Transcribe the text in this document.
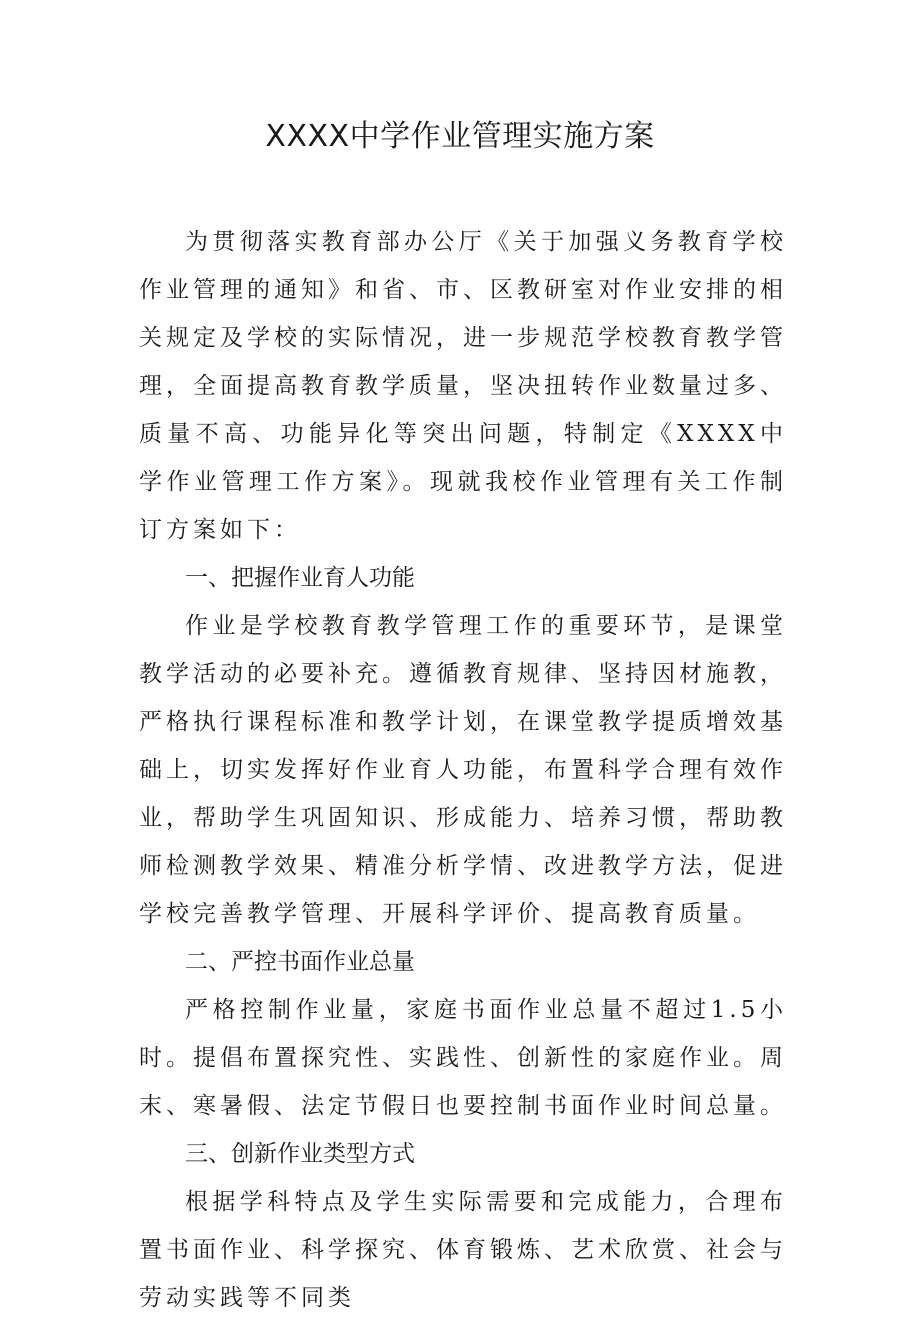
XXXX中学作业管理实施方案

为贯彻落实教育部办公厅《关于加强义务教育学校作业管理的通知》和省、市、区教研室对作业安排的相关规定及学校的实际情况，进一步规范学校教育教学管理，全面提高教育教学质量，坚决扭转作业数量过多、质量不高、功能异化等突出问题，特制定《XXXX中学作业管理工作方案》。现就我校作业管理有关工作制订方案如下：

一、把握作业育人功能

作业是学校教育教学管理工作的重要环节，是课堂教学活动的必要补充。遵循教育规律、坚持因材施教，严格执行课程标准和教学计划，在课堂教学提质增效基础上，切实发挥好作业育人功能，布置科学合理有效作业，帮助学生巩固知识、形成能力、培养习惯，帮助教师检测教学效果、精准分析学情、改进教学方法，促进学校完善教学管理、开展科学评价、提高教育质量。

二、严控书面作业总量

严格控制作业量，家庭书面作业总量不超过1.5小时。提倡布置探究性、实践性、创新性的家庭作业。周末、寒暑假、法定节假日也要控制书面作业时间总量。

三、创新作业类型方式

根据学科特点及学生实际需要和完成能力，合理布置书面作业、科学探究、体育锻炼、艺术欣赏、社会与劳动实践等不同类
